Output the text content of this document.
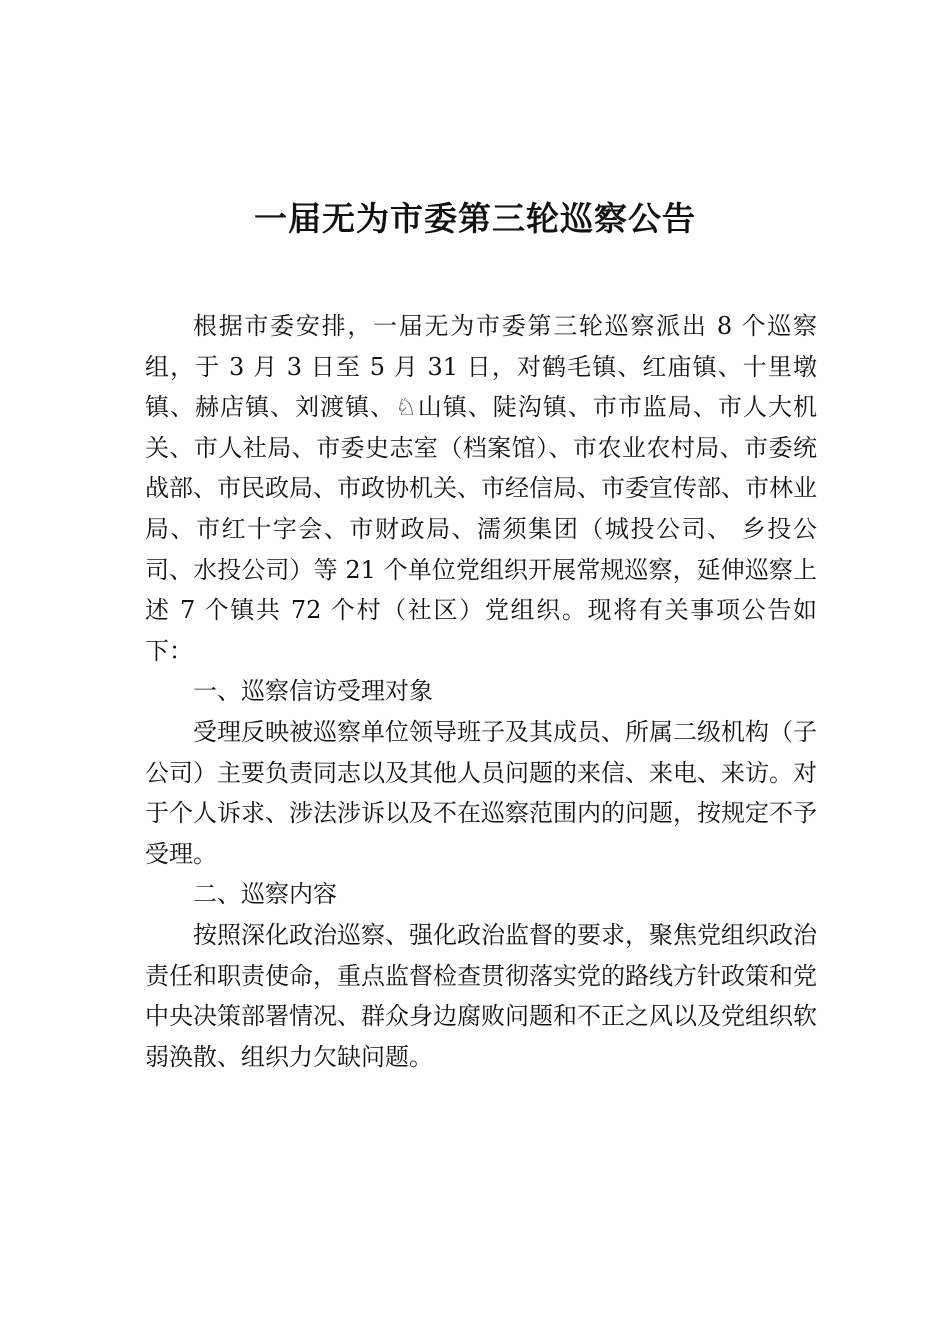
一届无为市委第三轮巡察公告

根据市委安排，一届无为市委第三轮巡察派出 8 个巡察组，于 3 月 3 日至 5 月 31 日，对鹤毛镇、红庙镇、十里墩镇、赫店镇、刘渡镇、♘山镇、陡沟镇、市市监局、市人大机关、市人社局、市委史志室（档案馆）、市农业农村局、市委统战部、市民政局、市政协机关、市经信局、市委宣传部、市林业局、市红十字会、市财政局、濡须集团（城投公司、 乡投公司、水投公司）等 21 个单位党组织开展常规巡察，延伸巡察上述 7 个镇共 72 个村（社区）党组织。现将有关事项公告如下：

一、巡察信访受理对象

受理反映被巡察单位领导班子及其成员、所属二级机构（子公司）主要负责同志以及其他人员问题的来信、来电、来访。对于个人诉求、涉法涉诉以及不在巡察范围内的问题，按规定不予受理。

二、巡察内容

按照深化政治巡察、强化政治监督的要求，聚焦党组织政治责任和职责使命，重点监督检查贯彻落实党的路线方针政策和党中央决策部署情况、群众身边腐败问题和不正之风以及党组织软弱涣散、组织力欠缺问题。
